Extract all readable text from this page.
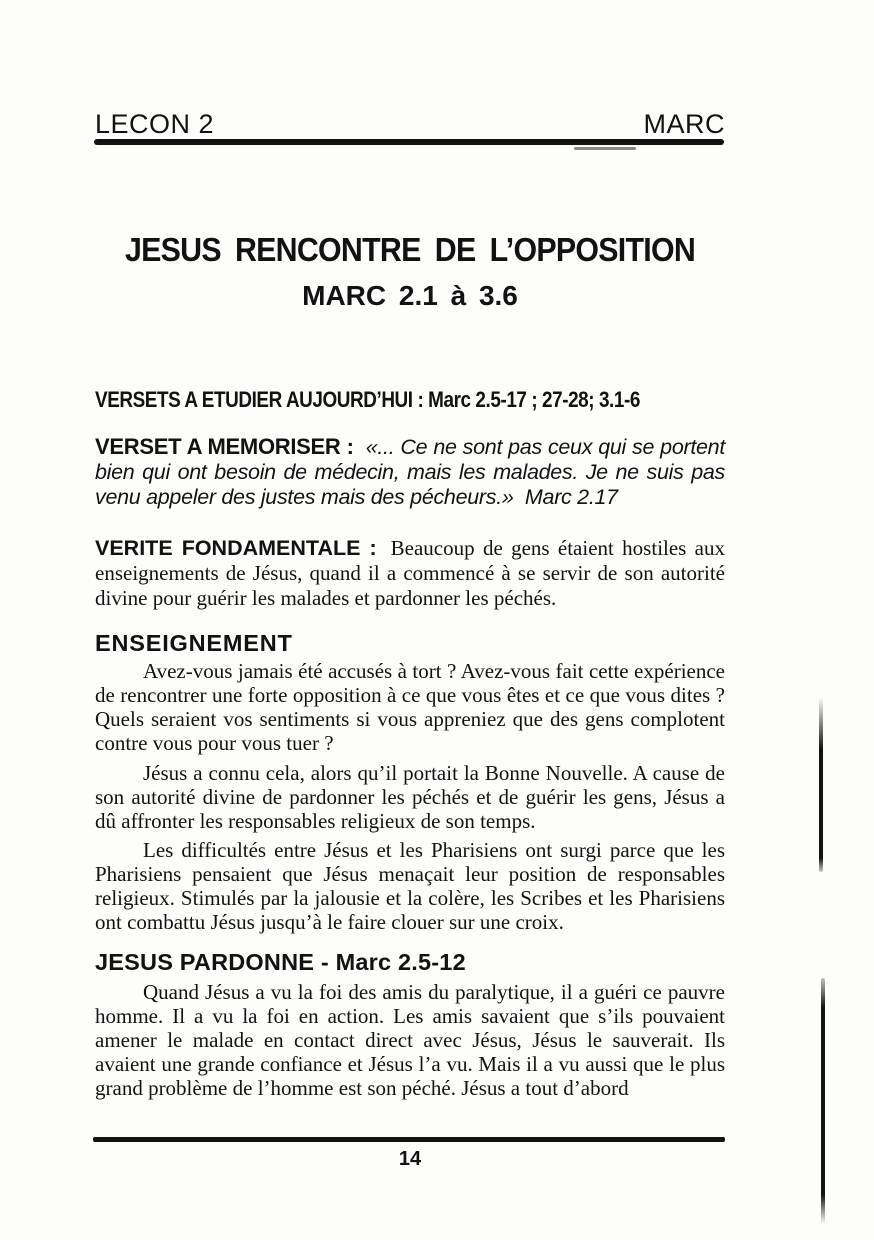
LECON 2	MARC
JESUS RENCONTRE DE L’OPPOSITION
MARC 2.1 à 3.6

VERSETS A ETUDIER AUJOURD’HUI : Marc 2.5-17 ; 27-28; 3.1-6

VERSET A MEMORISER : «... Ce ne sont pas ceux qui se portent bien qui ont besoin de médecin, mais les malades. Je ne suis pas venu appeler des justes mais des pécheurs.» Marc 2.17

VERITE FONDAMENTALE : Beaucoup de gens étaient hostiles aux enseignements de Jésus, quand il a commencé à se servir de son autorité divine pour guérir les malades et pardonner les péchés.

ENSEIGNEMENT

Avez-vous jamais été accusés à tort ? Avez-vous fait cette expérience de rencontrer une forte opposition à ce que vous êtes et ce que vous dites ? Quels seraient vos sentiments si vous appreniez que des gens complotent contre vous pour vous tuer ?

Jésus a connu cela, alors qu’il portait la Bonne Nouvelle. A cause de son autorité divine de pardonner les péchés et de guérir les gens, Jésus a dû affronter les responsables religieux de son temps.

Les difficultés entre Jésus et les Pharisiens ont surgi parce que les Pharisiens pensaient que Jésus menaçait leur position de responsables religieux. Stimulés par la jalousie et la colère, les Scribes et les Pharisiens ont combattu Jésus jusqu’à le faire clouer sur une croix.

JESUS PARDONNE - Marc 2.5-12

Quand Jésus a vu la foi des amis du paralytique, il a guéri ce pauvre homme. Il a vu la foi en action. Les amis savaient que s’ils pouvaient amener le malade en contact direct avec Jésus, Jésus le sauverait. Ils avaient une grande confiance et Jésus l’a vu. Mais il a vu aussi que le plus grand problème de l’homme est son péché. Jésus a tout d’abord

14
